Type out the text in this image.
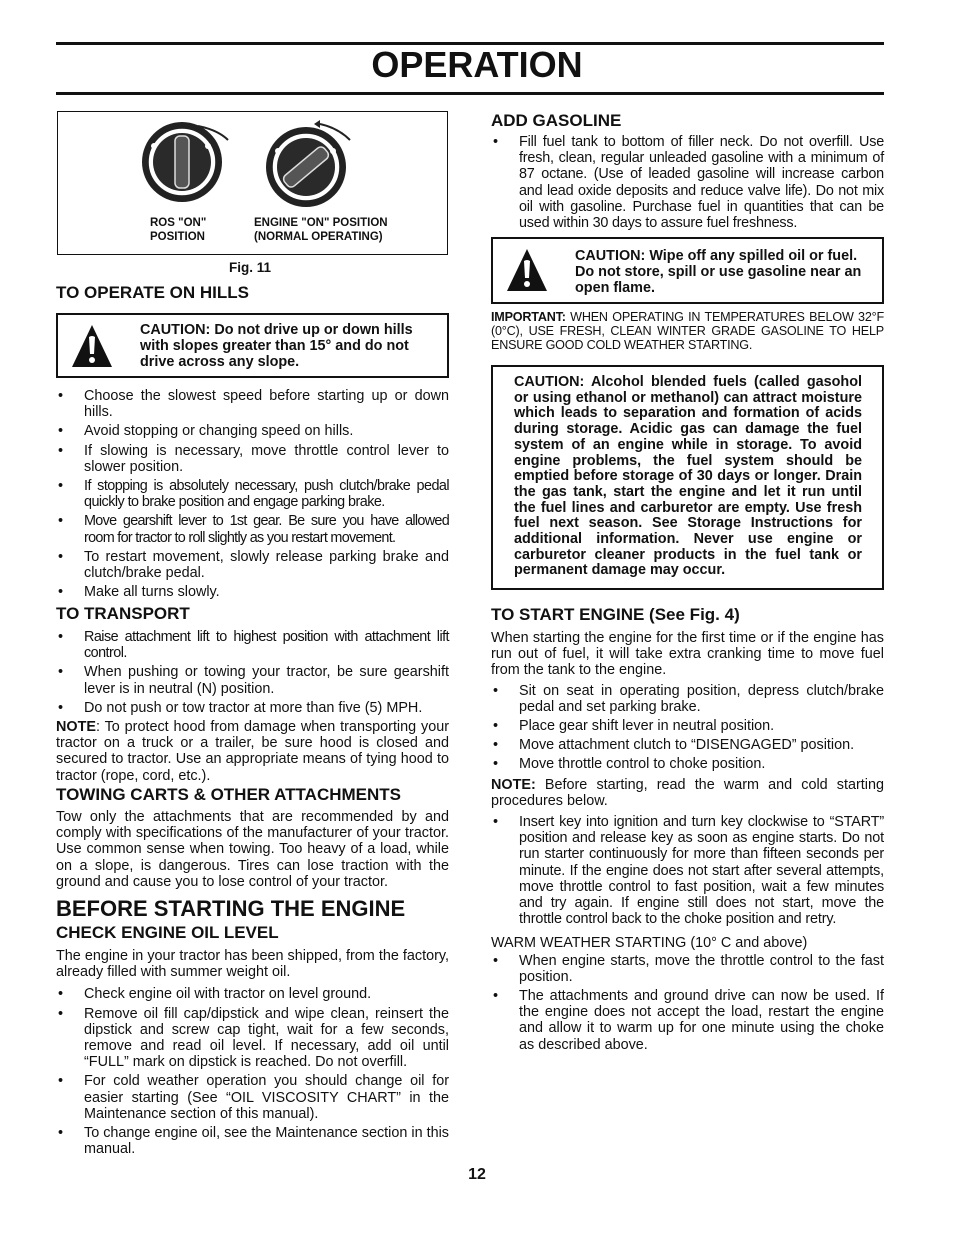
OPERATION
ROS "ON"
POSITION
ENGINE "ON" POSITION
(NORMAL OPERATING)
Fig. 11
TO OPERATE ON HILLS
CAUTION: Do not drive up or down hills with slopes greater than 15° and do not drive across any slope.
• Choose the slowest speed before starting up or down hills.
• Avoid stopping or changing speed on hills.
• If slowing is necessary, move throttle control lever to slower position.
• If stopping is absolutely necessary, push clutch/brake pedal quickly to brake position and engage parking brake.
• Move gearshift lever to 1st gear. Be sure you have allowed room for tractor to roll slightly as you restart movement.
• To restart movement, slowly release parking brake and clutch/brake pedal.
• Make all turns slowly.
TO TRANSPORT
• Raise attachment lift to highest position with attachment lift control.
• When pushing or towing your tractor, be sure gearshift lever is in neutral (N) position.
• Do not push or tow tractor at more than five (5) MPH.

NOTE: To protect hood from damage when transporting your tractor on a truck or a trailer, be sure hood is closed and secured to tractor. Use an appropriate means of tying hood to tractor (rope, cord, etc.).

TOWING CARTS & OTHER ATTACHMENTS

Tow only the attachments that are recommended by and comply with specifications of the manufacturer of your tractor. Use common sense when towing. Too heavy of a load, while on a slope, is dangerous. Tires can lose traction with the ground and cause you to lose control of your tractor.

BEFORE STARTING THE ENGINE
CHECK ENGINE OIL LEVEL

The engine in your tractor has been shipped, from the factory, already filled with summer weight oil.

• Check engine oil with tractor on level ground.
• Remove oil fill cap/dipstick and wipe clean, reinsert the dipstick and screw cap tight, wait for a few seconds, remove and read oil level. If necessary, add oil until “FULL” mark on dipstick is reached. Do not overfill.
• For cold weather operation you should change oil for easier starting (See “OIL VISCOSITY CHART” in the Maintenance section of this manual).
• To change engine oil, see the Maintenance section in this manual.
ADD GASOLINE
• Fill fuel tank to bottom of filler neck. Do not overfill. Use fresh, clean, regular unleaded gasoline with a minimum of 87 octane. (Use of leaded gasoline will increase carbon and lead oxide deposits and reduce valve life). Do not mix oil with gasoline. Purchase fuel in quantities that can be used within 30 days to assure fuel freshness.
CAUTION: Wipe off any spilled oil or fuel. Do not store, spill or use gasoline near an open flame.

IMPORTANT: WHEN OPERATING IN TEMPERATURES BELOW 32°F (0°C), USE FRESH, CLEAN WINTER GRADE GASOLINE TO HELP ENSURE GOOD COLD WEATHER STARTING.

CAUTION: Alcohol blended fuels (called gasohol or using ethanol or methanol) can attract moisture which leads to separation and formation of acids during storage. Acidic gas can damage the fuel system of an engine while in storage. To avoid engine problems, the fuel system should be emptied before storage of 30 days or longer. Drain the gas tank, start the engine and let it run until the fuel lines and carburetor are empty. Use fresh fuel next season. See Storage Instructions for additional information. Never use engine or carburetor cleaner products in the fuel tank or permanent damage may occur.
TO START ENGINE (See Fig. 4)

When starting the engine for the first time or if the engine has run out of fuel, it will take extra cranking time to move fuel from the tank to the engine.

• Sit on seat in operating position, depress clutch/brake pedal and set parking brake.
• Place gear shift lever in neutral position.
• Move attachment clutch to “DISENGAGED” position.
• Move throttle control to choke position.

NOTE: Before starting, read the warm and cold starting procedures below.

• Insert key into ignition and turn key clockwise to “START” position and release key as soon as engine starts. Do not run starter continuously for more than fifteen seconds per minute. If the engine does not start after several attempts, move throttle control to fast position, wait a few minutes and try again. If engine still does not start, move the throttle control back to the choke position and retry.

WARM WEATHER STARTING (10° C and above)

• When engine starts, move the throttle control to the fast position.
• The attachments and ground drive can now be used. If the engine does not accept the load, restart the engine and allow it to warm up for one minute using the choke as described above.
12
